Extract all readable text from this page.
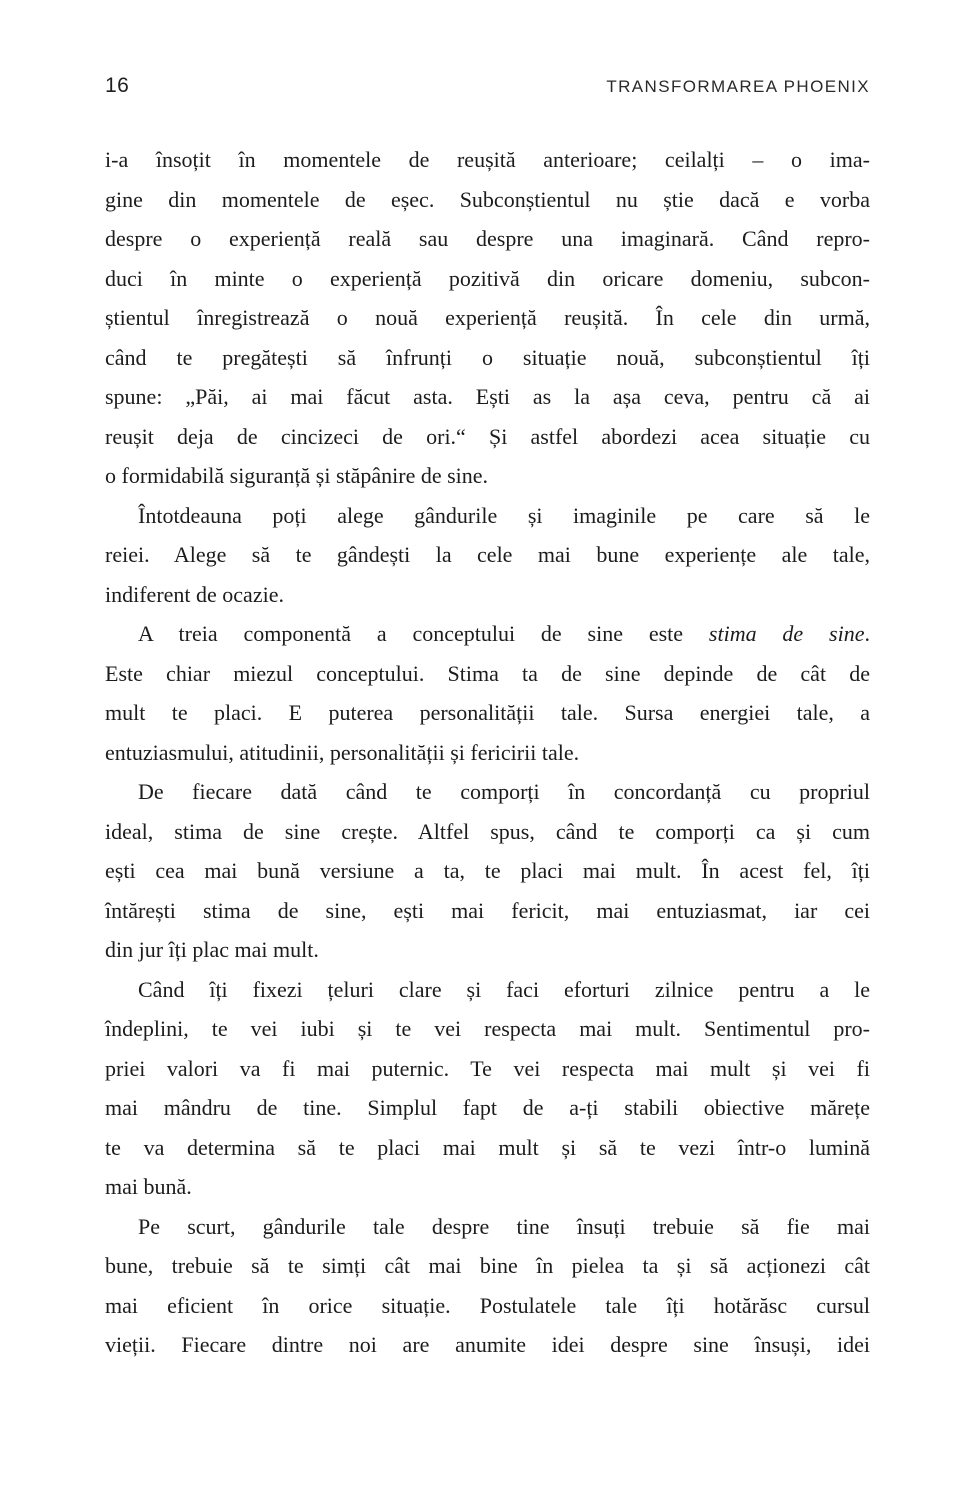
16	TRANSFORMAREA PHOENIX
i-a însoțit în momentele de reușită anterioare; ceilalți – o ima-
gine din momentele de eșec. Subconștientul nu știe dacă e vorba
despre o experiență reală sau despre una imaginară. Când repro-
duci în minte o experiență pozitivă din oricare domeniu, subcon-
știentul înregistrează o nouă experiență reușită. În cele din urmă,
când te pregătești să înfrunți o situație nouă, subconștientul îți
spune: „Păi, ai mai făcut asta. Ești as la așa ceva, pentru că ai
reușit deja de cincizeci de ori.“ Și astfel abordezi acea situație cu
o formidabilă siguranță și stăpânire de sine.
Întotdeauna poți alege gândurile și imaginile pe care să le
reiei. Alege să te gândești la cele mai bune experiențe ale tale,
indiferent de ocazie.
A treia componentă a conceptului de sine este stima de sine.
Este chiar miezul conceptului. Stima ta de sine depinde de cât de
mult te placi. E puterea personalității tale. Sursa energiei tale, a
entuziasmului, atitudinii, personalității și fericirii tale.
De fiecare dată când te comporți în concordanță cu propriul
ideal, stima de sine crește. Altfel spus, când te comporți ca și cum
ești cea mai bună versiune a ta, te placi mai mult. În acest fel, îți
întărești stima de sine, ești mai fericit, mai entuziasmat, iar cei
din jur îți plac mai mult.
Când îți fixezi țeluri clare și faci eforturi zilnice pentru a le
îndeplini, te vei iubi și te vei respecta mai mult. Sentimentul pro-
priei valori va fi mai puternic. Te vei respecta mai mult și vei fi
mai mândru de tine. Simplul fapt de a-ți stabili obiective mărețe
te va determina să te placi mai mult și să te vezi într-o lumină
mai bună.
Pe scurt, gândurile tale despre tine însuți trebuie să fie mai
bune, trebuie să te simți cât mai bine în pielea ta și să acționezi cât
mai eficient în orice situație. Postulatele tale îți hotărăsc cursul
vieții. Fiecare dintre noi are anumite idei despre sine însuși, idei
